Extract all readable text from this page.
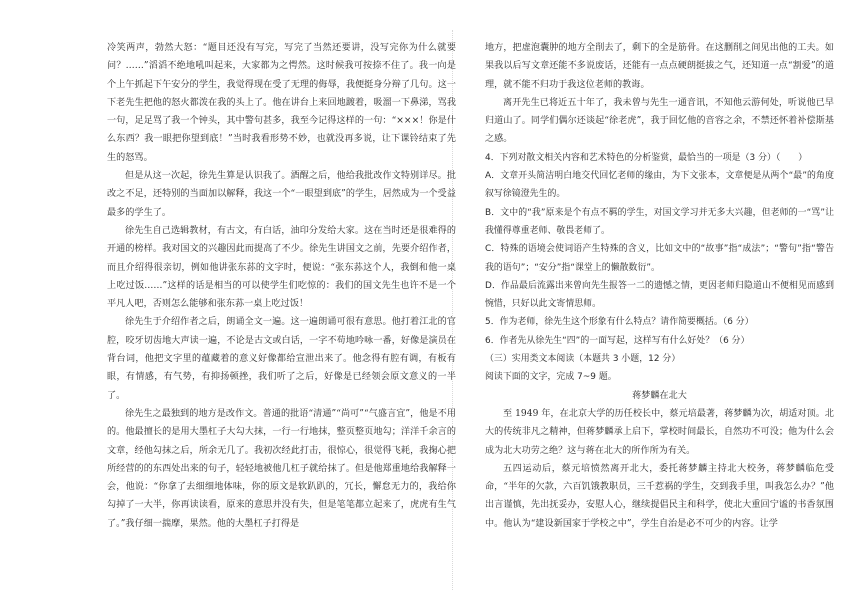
冷笑两声，勃然大怒：“题目还没有写完，写完了当然还要讲，没写完你为什么就要问？……”滔滔不绝地吼叫起来，大家都为之愕然。这时候我可按捺不住了。我一向是个上午抓起下午安分的学生，我觉得现在受了无理的侮辱，我便挺身分辩了几句。这一下老先生把他的怒火都泼在我的头上了。他在讲台上来回地踱着，吸溜一下鼻涕，骂我一句，足足骂了我一个钟头，其中警句甚多，我至今记得这样的一句：“×××！你是什么东西？我一眼把你望到底！”当时我看形势不妙，也就没再多说，让下课铃结束了先生的怒骂。

但是从这一次起，徐先生算是认识我了。酒醒之后，他给我批改作文特别详尽。批改之不足，还特别的当面加以解释，我这一个“一眼望到底”的学生，居然成为一个受益最多的学生了。

徐先生自己选辑教材，有古文，有白话，油印分发给大家。这在当时还是很难得的开通的榜样。我对国文的兴趣因此而提高了不少。徐先生讲国文之前，先要介绍作者，而且介绍得很亲切，例如他讲张东荪的文字时，便说：“张东荪这个人，我倒和他一桌上吃过饭……”这样的话是相当的可以使学生们吃惊的：我们的国文先生也许不是一个平凡人吧，否则怎么能够和张东荪一桌上吃过饭！

徐先生于介绍作者之后，朗诵全文一遍。这一遍朗诵可很有意思。他打着江北的官腔，咬牙切齿地大声读一遍，不论是古文或白话，一字不苟地吟咏一番，好像是演员在背台词，他把文字里的蕴藏着的意义好像都给宣泄出来了。他念得有腔有调，有板有眼，有情感，有气势，有抑扬顿挫，我们听了之后，好像是已经领会原文意义的一半了。

徐先生之最独到的地方是改作文。普通的批语“清通”“尚可”“气盛言宜”，他是不用的。他最擅长的是用大墨杠子大勾大抹，一行一行地抹，整页整页地勾；洋洋千余言的文章，经他勾抹之后，所余无几了。我初次经此打击，很惊心，很觉得飞耗，我掬心把所经营的的东西处出来的句子，轻轻地被他几杠子就给抹了。但是他郑重地给我解释一会，他说：“你拿了去细细地体味，你的原文是软趴趴的，冗长，懈怠无力的，我给你勾掉了一大半，你再读读看，原来的意思并没有失，但是笔笔都立起来了，虎虎有生气了。”我仔细一揣摩，果然。他的大墨杠子打得是

地方，把虚泡囊肿的地方全削去了，剩下的全是筋骨。在这删削之间见出他的工夫。如果我以后写文章还能不多说废话，还能有一点点硬朗挺拔之气，还知道一点“割爱”的道理，就不能不归功于我这位老师的教诲。

离开先生已将近五十年了，我未曾与先生一通音讯，不知他云游何处，听说他已早归道山了。同学们偶尔还谈起“徐老虎”，我于回忆他的音容之余，不禁还怀着补偿斯基之感。

4．下列对散文相关内容和艺术特色的分析鉴赏，最恰当的一项是（3 分）（　　）

A．文章开头简洁明白地交代回忆老师的缘由，为下文张本，文章便是从两个“最”的角度叙写徐镜澄先生的。

B．文中的“我”原来是个有点不羁的学生，对国文学习并无多大兴趣，但老师的一“骂”让我懂得尊重老师、敬畏老师了。

C．特殊的语境会使词语产生特殊的含义，比如文中的“故事”指“成法”；“警句”指“警告我的语句”；“安分”指“课堂上的懒散数衍”。

D．作品最后流露出来曾向先生报答一二的遗憾之情，更因老师归隐道山不便相见而感到惋惜，只好以此文寄情思师。

5．作为老师，徐先生这个形象有什么特点？请作简要概括。（6 分）

6．作者先从徐先生“四”的一面写起，这样写有什么好处？（6 分）

（三）实用类文本阅读（本题共 3 小题，12 分）

阅读下面的文字，完成 7~9 题。

蒋梦麟在北大

至 1949 年，在北京大学的历任校长中，蔡元培最著，蒋梦麟为次，胡适对顶。北大的传统非凡之精神，但蒋梦麟承上启下，掌校时间最长，自然功不可没；他为什么会成为北大功劳之绝？这与蒋在北大的所作所为有关。

五四运动后，蔡元培愤然离开北大，委托蒋梦麟主持北大校务，蒋梦麟临危受命，“半年的欠款，六百饥饿教职员，三千惹祸的学生，交到我手里，叫我怎么办？”他出言谨慎，先出抚妥办，安慰人心，继续提倡民主和科学，使北大重回宁谧的书香氛围中。他认为“建设新国家于学校之中”，学生自治是必不可少的内容。让学
